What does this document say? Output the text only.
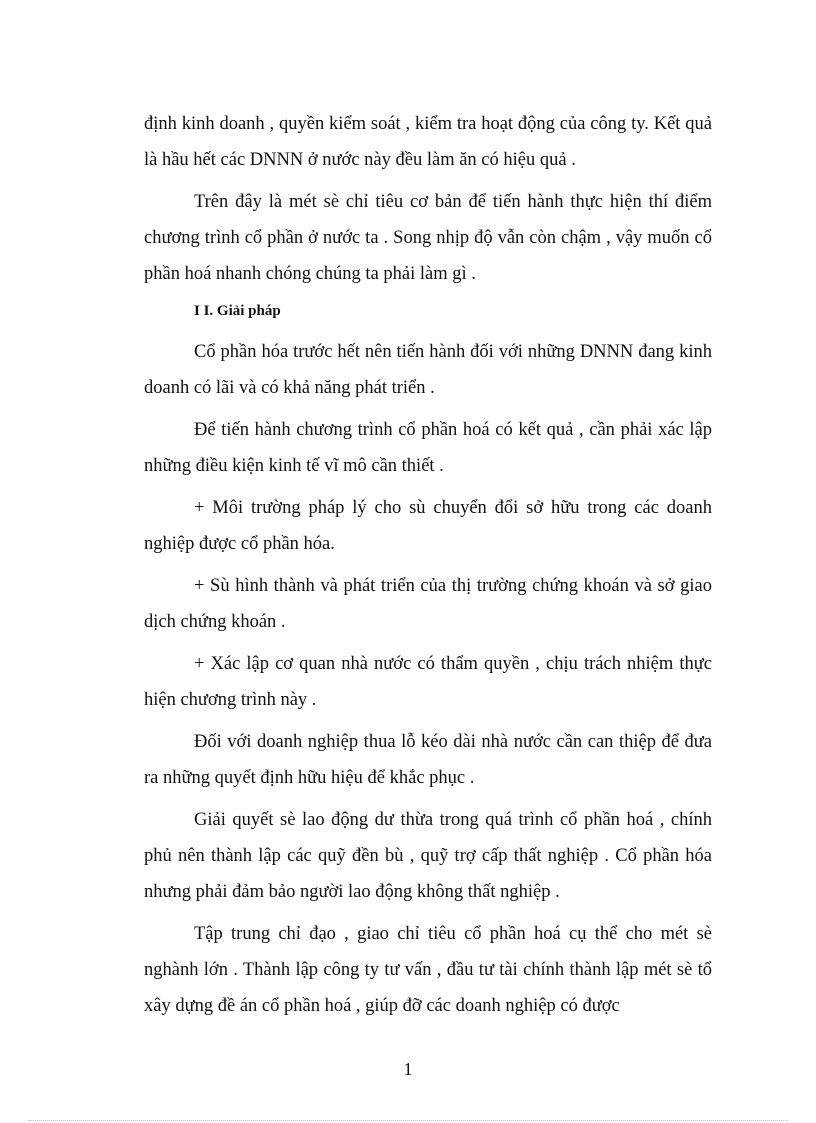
định kinh doanh , quyền kiểm soát , kiểm tra hoạt động của công ty. Kết quả là hầu hết các DNNN ở nước này đều làm ăn có hiệu quả .

Trên đây là mét sè chỉ tiêu cơ bản để tiến hành thực hiện thí điểm chương trình cổ phần ở nước ta . Song nhịp độ vẫn còn chậm , vậy muốn cổ phần hoá nhanh chóng chúng ta phải làm gì .

I I. Giải pháp

Cổ phần hóa trước hết nên tiến hành đối với những DNNN đang kinh doanh có lãi và có khả năng phát triển .

Để tiến hành chương trình cổ phần hoá có kết quả , cần phải xác lập những điều kiện kinh tế vĩ mô cần thiết .

+ Môi trường pháp lý cho sù chuyển đổi sở hữu trong các doanh nghiệp được cổ phần hóa.

+ Sù hình thành và phát triển của thị trường chứng khoán và sở giao dịch chứng khoán .

+ Xác lập cơ quan nhà nước có thẩm quyền , chịu trách nhiệm thực hiện chương trình này .

Đối với doanh nghiệp thua lỗ kéo dài nhà nước cần can thiệp để đưa ra những quyết định hữu hiệu để khắc phục .

Giải quyết sè lao động dư thừa trong quá trình cổ phần hoá , chính phủ nên thành lập các quỹ đền bù , quỹ trợ cấp thất nghiệp . Cổ phần hóa nhưng phải đảm bảo người lao động không thất nghiệp .

Tập trung chỉ đạo , giao chỉ tiêu cổ phần hoá cụ thể cho mét sè nghành lớn . Thành lập công ty tư vấn , đầu tư tài chính thành lập mét sè tổ xây dựng đề án cổ phần hoá , giúp đỡ các doanh nghiệp có được

1
